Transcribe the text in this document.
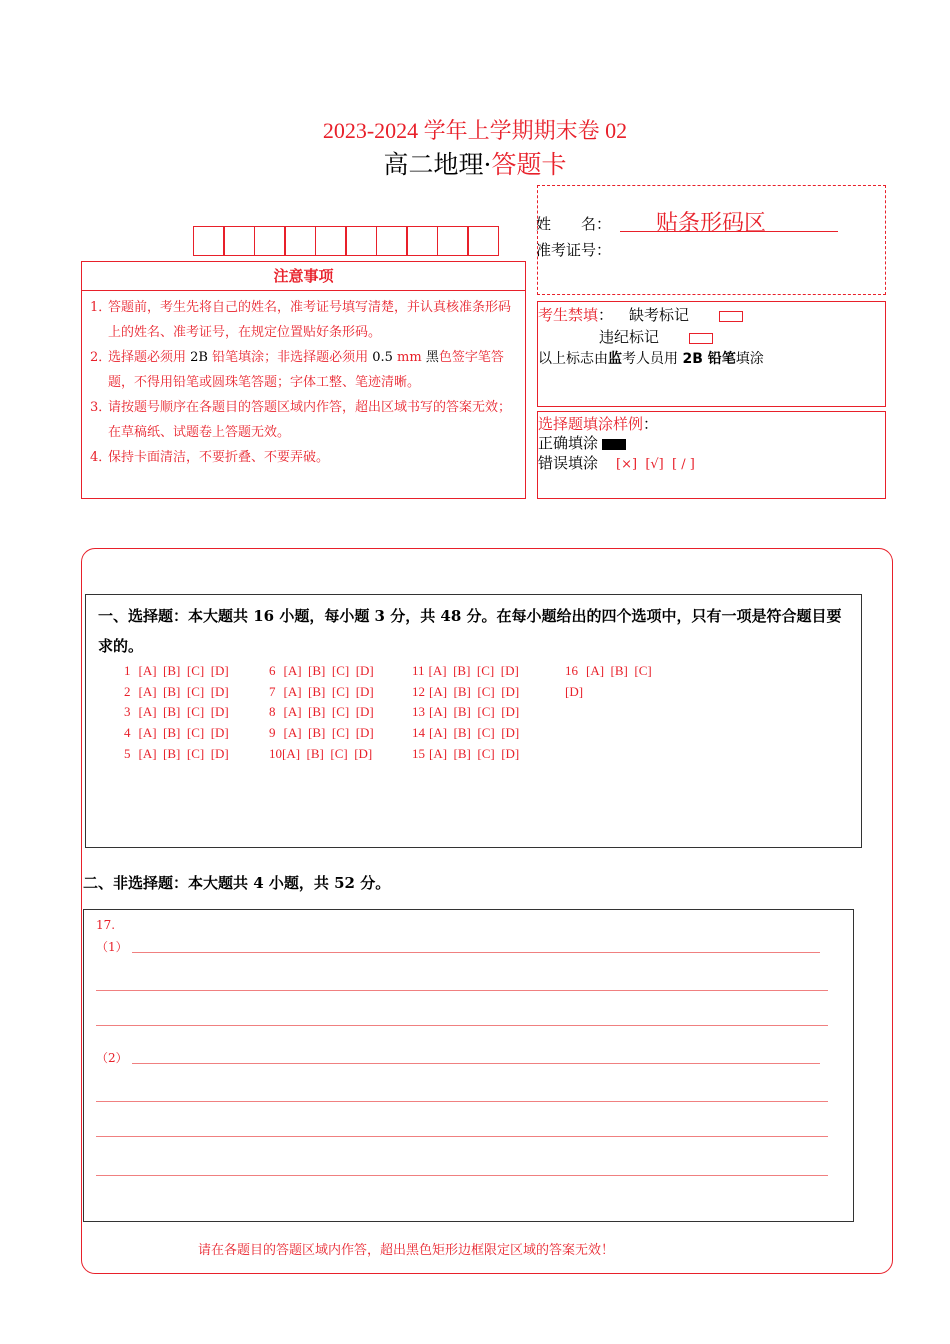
2023-2024 学年上学期期末卷 02
高二地理·答题卡
注意事项
1．答题前，考生先将自己的姓名，准考证号填写清楚，并认真核准条形码上的姓名、准考证号，在规定位置贴好条形码。
2．选择题必须用 2B 铅笔填涂；非选择题必须用 0.5 mm 黑色签字笔答题，不得用铅笔或圆珠笔答题；字体工整、笔迹清晰。
3．请按题号顺序在各题目的答题区域内作答，超出区域书写的答案无效；在草稿纸、试题卷上答题无效。
4．保持卡面清洁，不要折叠、不要弄破。
姓　　名： 贴条形码区
准考证号：
考生禁填： 缺考标记
违纪标记
以上标志由监考人员用 2B 铅笔填涂
选择题填涂样例：
正确填涂
错误填涂 [×]  [√]  [ / ]
一、选择题：本大题共 16 小题，每小题 3 分，共 48 分。在每小题给出的四个选项中，只有一项是符合题目要求的。
1 [A]  [B]  [C]  [D]
2 [A]  [B]  [C]  [D]
3 [A]  [B]  [C]  [D]
4 [A]  [B]  [C]  [D]
5 [A]  [B]  [C]  [D]
6 [A]  [B]  [C]  [D]
7 [A]  [B]  [C]  [D]
8 [A]  [B]  [C]  [D]
9 [A]  [B]  [C]  [D]
10[A]  [B]  [C]  [D]
11 [A]  [B]  [C]  [D]
12 [A]  [B]  [C]  [D]
13 [A]  [B]  [C]  [D]
14 [A]  [B]  [C]  [D]
15 [A]  [B]  [C]  [D]
16 [A]  [B]  [C]
[D]
二、非选择题：本大题共 4 小题，共 52 分。
17.
（1）
（2）
请在各题目的答题区域内作答，超出黑色矩形边框限定区域的答案无效！
